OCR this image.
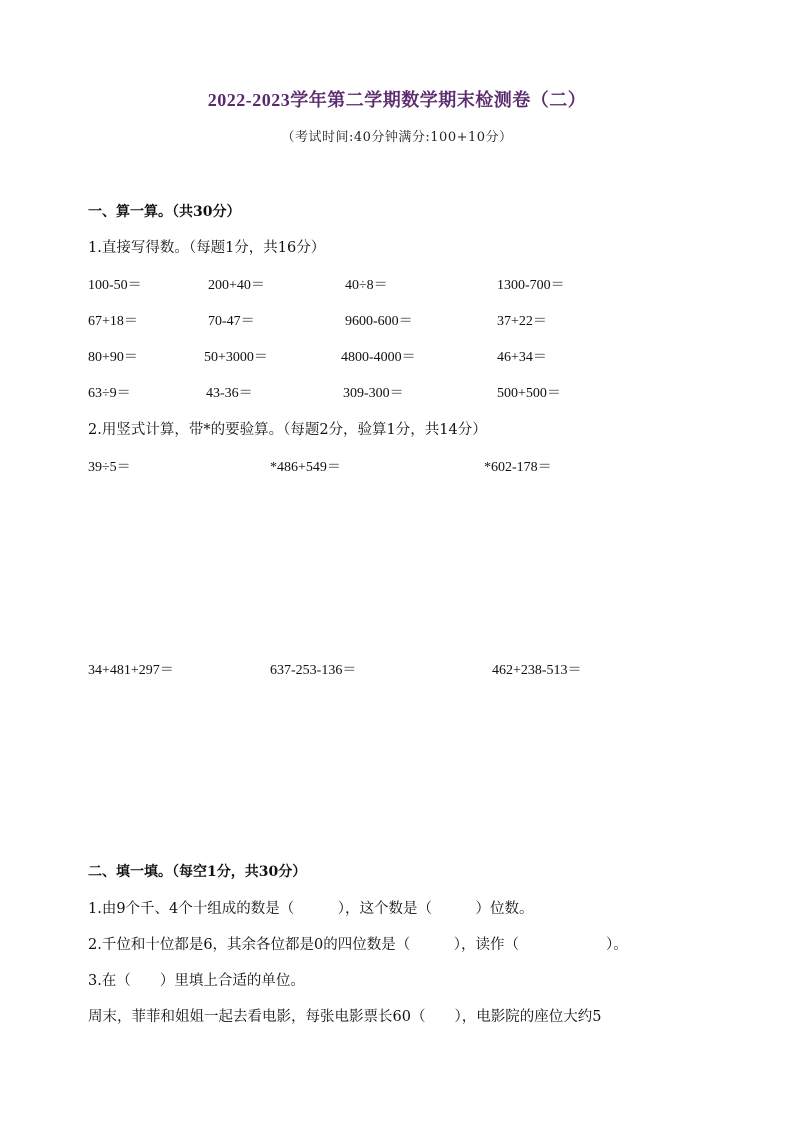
2022-2023学年第二学期数学期末检测卷（二）
（考试时间:40分钟满分:100+10分）
一、算一算。（共30分）
1.直接写得数。（每题1分，共16分）
100-50＝	200+40＝	40÷8＝	1300-700＝
67+18＝	70-47＝	9600-600＝	37+22＝
80+90＝	50+3000＝	4800-4000＝	46+34＝
63÷9＝	43-36＝	309-300＝	500+500＝
2.用竖式计算，带*的要验算。（每题2分，验算1分，共14分）
39÷5＝	*486+549＝	*602-178＝
34+481+297＝	637-253-136＝	462+238-513＝
二、填一填。（每空1分，共30分）
1.由9个千、4个十组成的数是（　　　），这个数是（　　　）位数。
2.千位和十位都是6，其余各位都是0的四位数是（　　　），读作（　　　　　　）。
3.在（　　）里填上合适的单位。
周末，菲菲和姐姐一起去看电影，每张电影票长60（　　），电影院的座位大约5
